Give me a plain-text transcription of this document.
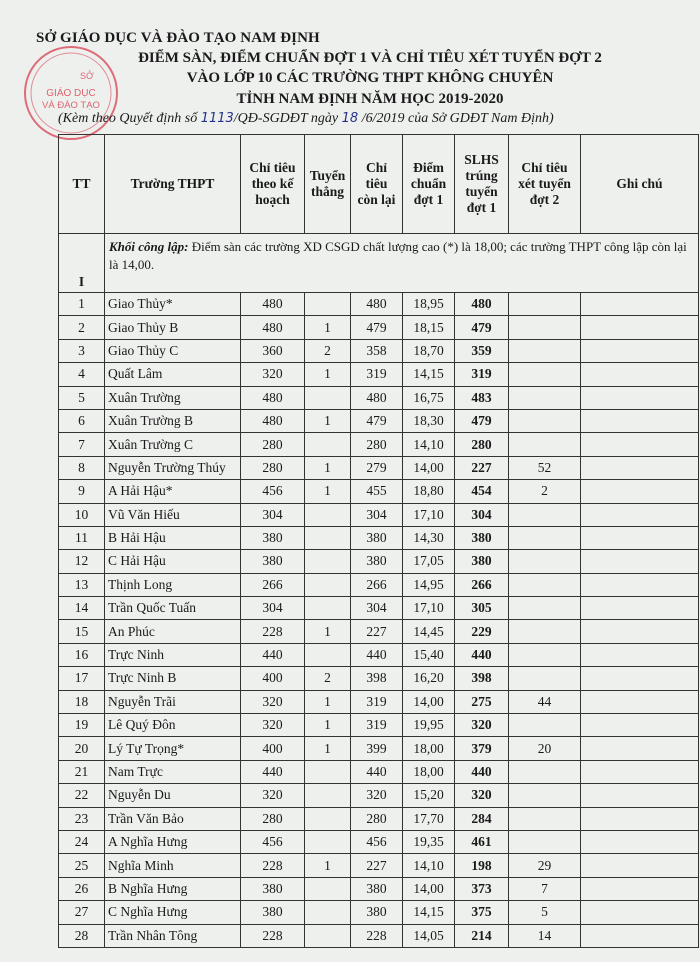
SỞ GIÁO DỤC VÀ ĐÀO TẠO NAM ĐỊNH
SỞ
GIÁO DỤC
VÀ ĐÀO TẠO
ĐIỂM SÀN, ĐIỂM CHUẨN ĐỢT 1 VÀ CHỈ TIÊU XÉT TUYỂN ĐỢT 2
VÀO LỚP 10 CÁC TRƯỜNG THPT KHÔNG CHUYÊN
TỈNH NAM ĐỊNH NĂM HỌC 2019-2020
(Kèm theo Quyết định số 1113/QĐ-SGDĐT ngày 18 /6/2019 của Sở GDĐT Nam Định)
TT	Trường THPT	Chỉ tiêu theo kế hoạch	Tuyển thẳng	Chỉ tiêu còn lại	Điểm chuẩn đợt 1	SLHS trúng tuyển đợt 1	Chỉ tiêu xét tuyển đợt 2	Ghi chú
I	Khối công lập: Điểm sàn các trường XD CSGD chất lượng cao (*) là 18,00; các trường THPT công lập còn lại là 14,00.							
1	Giao Thủy*	480		480	18,95	480		
2	Giao Thủy B	480	1	479	18,15	479		
3	Giao Thủy C	360	2	358	18,70	359		
4	Quất Lâm	320	1	319	14,15	319		
5	Xuân Trường	480		480	16,75	483		
6	Xuân Trường B	480	1	479	18,30	479		
7	Xuân Trường C	280		280	14,10	280		
8	Nguyễn Trường Thúy	280	1	279	14,00	227	52	
9	A Hải Hậu*	456	1	455	18,80	454	2	
10	Vũ Văn Hiếu	304		304	17,10	304		
11	B Hải Hậu	380		380	14,30	380		
12	C Hải Hậu	380		380	17,05	380		
13	Thịnh Long	266		266	14,95	266		
14	Trần Quốc Tuấn	304		304	17,10	305		
15	An Phúc	228	1	227	14,45	229		
16	Trực Ninh	440		440	15,40	440		
17	Trực Ninh B	400	2	398	16,20	398		
18	Nguyễn Trãi	320	1	319	14,00	275	44	
19	Lê Quý Đôn	320	1	319	19,95	320		
20	Lý Tự Trọng*	400	1	399	18,00	379	20	
21	Nam Trực	440		440	18,00	440		
22	Nguyễn Du	320		320	15,20	320		
23	Trần Văn Bảo	280		280	17,70	284		
24	A Nghĩa Hưng	456		456	19,35	461		
25	Nghĩa Minh	228	1	227	14,10	198	29	
26	B Nghĩa Hưng	380		380	14,00	373	7	
27	C Nghĩa Hưng	380		380	14,15	375	5	
28	Trần Nhân Tông	228		228	14,05	214	14	
